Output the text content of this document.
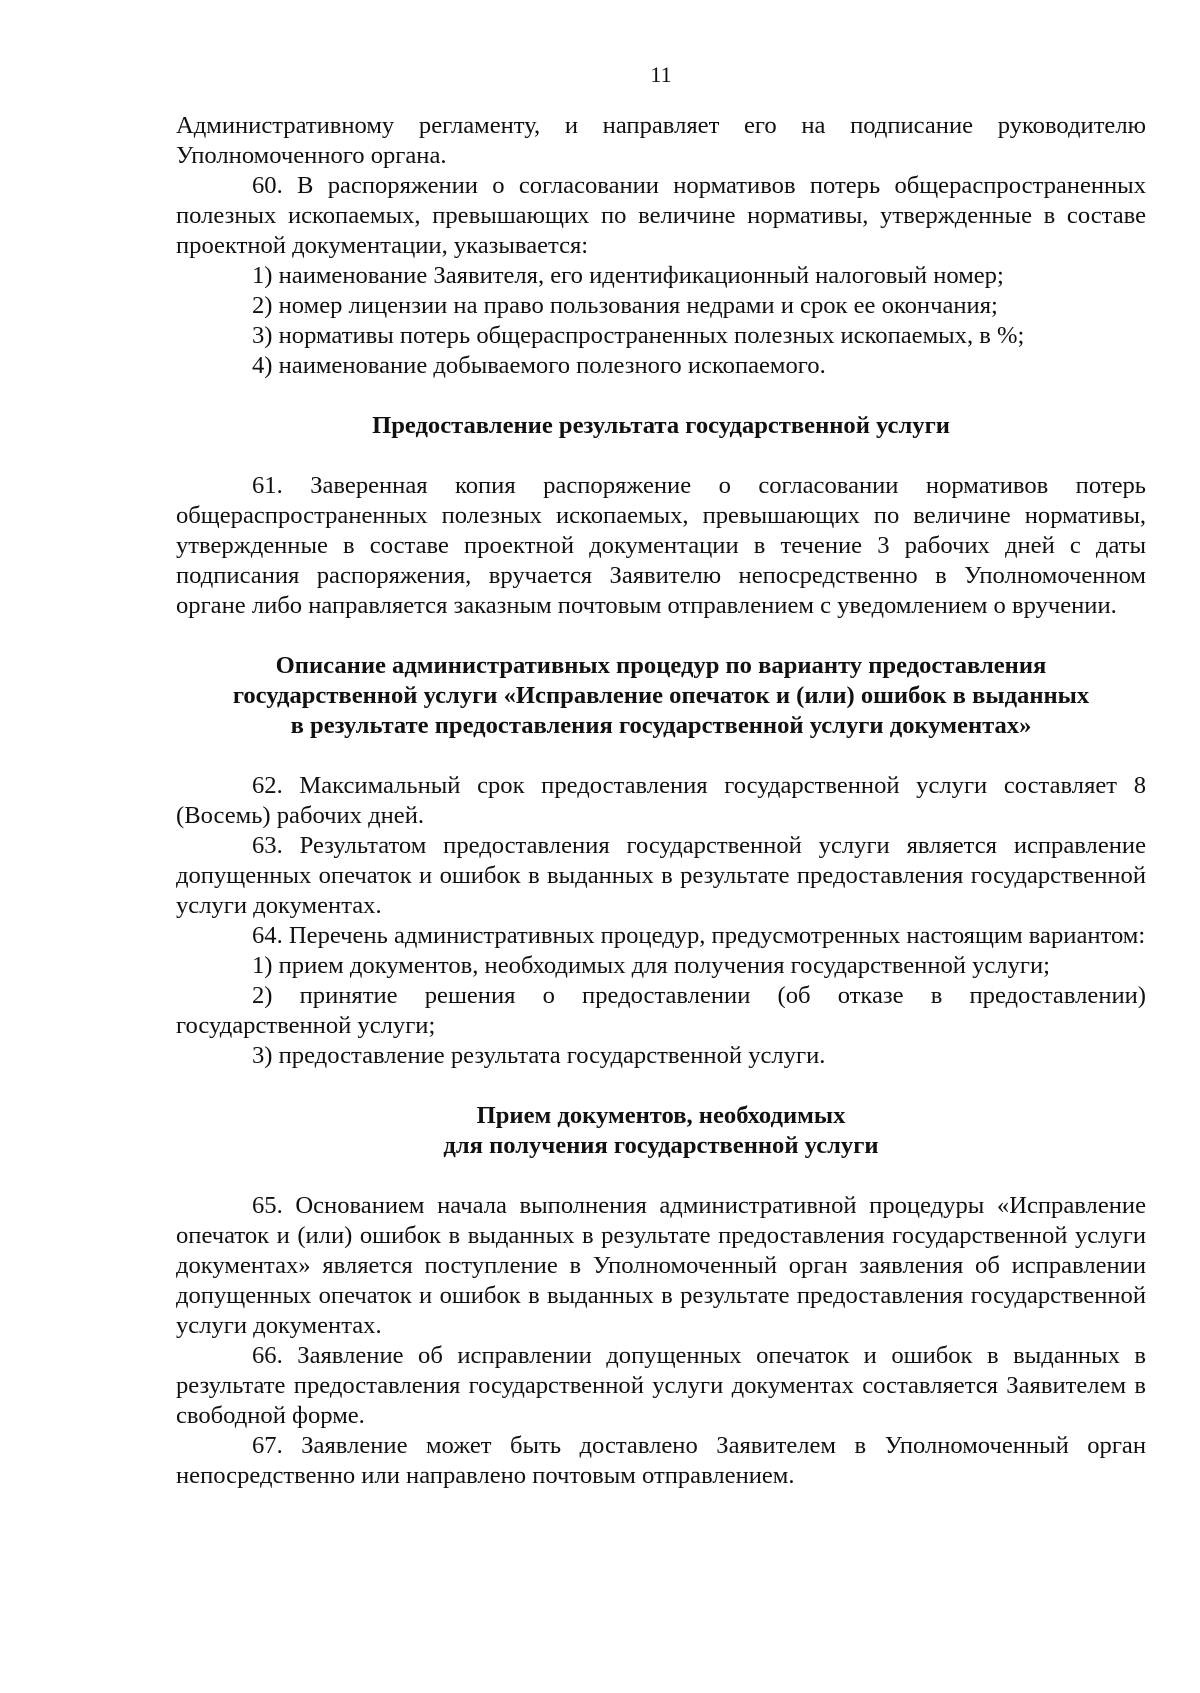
11

Административному регламенту, и направляет его на подписание руководителю Уполномоченного органа.

60. В распоряжении о согласовании нормативов потерь общераспространенных полезных ископаемых, превышающих по величине нормативы, утвержденные в составе проектной документации, указывается:

1) наименование Заявителя, его идентификационный налоговый номер;

2) номер лицензии на право пользования недрами и срок ее окончания;

3) нормативы потерь общераспространенных полезных ископаемых, в %;

4) наименование добываемого полезного ископаемого.

Предоставление результата государственной услуги

61. Заверенная копия распоряжение о согласовании нормативов потерь общераспространенных полезных ископаемых, превышающих по величине нормативы, утвержденные в составе проектной документации в течение 3 рабочих дней с даты подписания распоряжения, вручается Заявителю непосредственно в Уполномоченном органе либо направляется заказным почтовым отправлением с уведомлением о вручении.

Описание административных процедур по варианту предоставления
государственной услуги «Исправление опечаток и (или) ошибок в выданных
в результате предоставления государственной услуги документах»

62. Максимальный срок предоставления государственной услуги составляет 8 (Восемь) рабочих дней.

63. Результатом предоставления государственной услуги является исправление допущенных опечаток и ошибок в выданных в результате предоставления государственной услуги документах.

64. Перечень административных процедур, предусмотренных настоящим вариантом:

1) прием документов, необходимых для получения государственной услуги;

2) принятие решения о предоставлении (об отказе в предоставлении) государственной услуги;

3) предоставление результата государственной услуги.

Прием документов, необходимых
для получения государственной услуги

65. Основанием начала выполнения административной процедуры «Исправление опечаток и (или) ошибок в выданных в результате предоставления государственной услуги документах» является поступление в Уполномоченный орган заявления об исправлении допущенных опечаток и ошибок в выданных в результате предоставления государственной услуги документах.

66. Заявление об исправлении допущенных опечаток и ошибок в выданных в результате предоставления государственной услуги документах составляется Заявителем в свободной форме.

67. Заявление может быть доставлено Заявителем в Уполномоченный орган непосредственно или направлено почтовым отправлением.
